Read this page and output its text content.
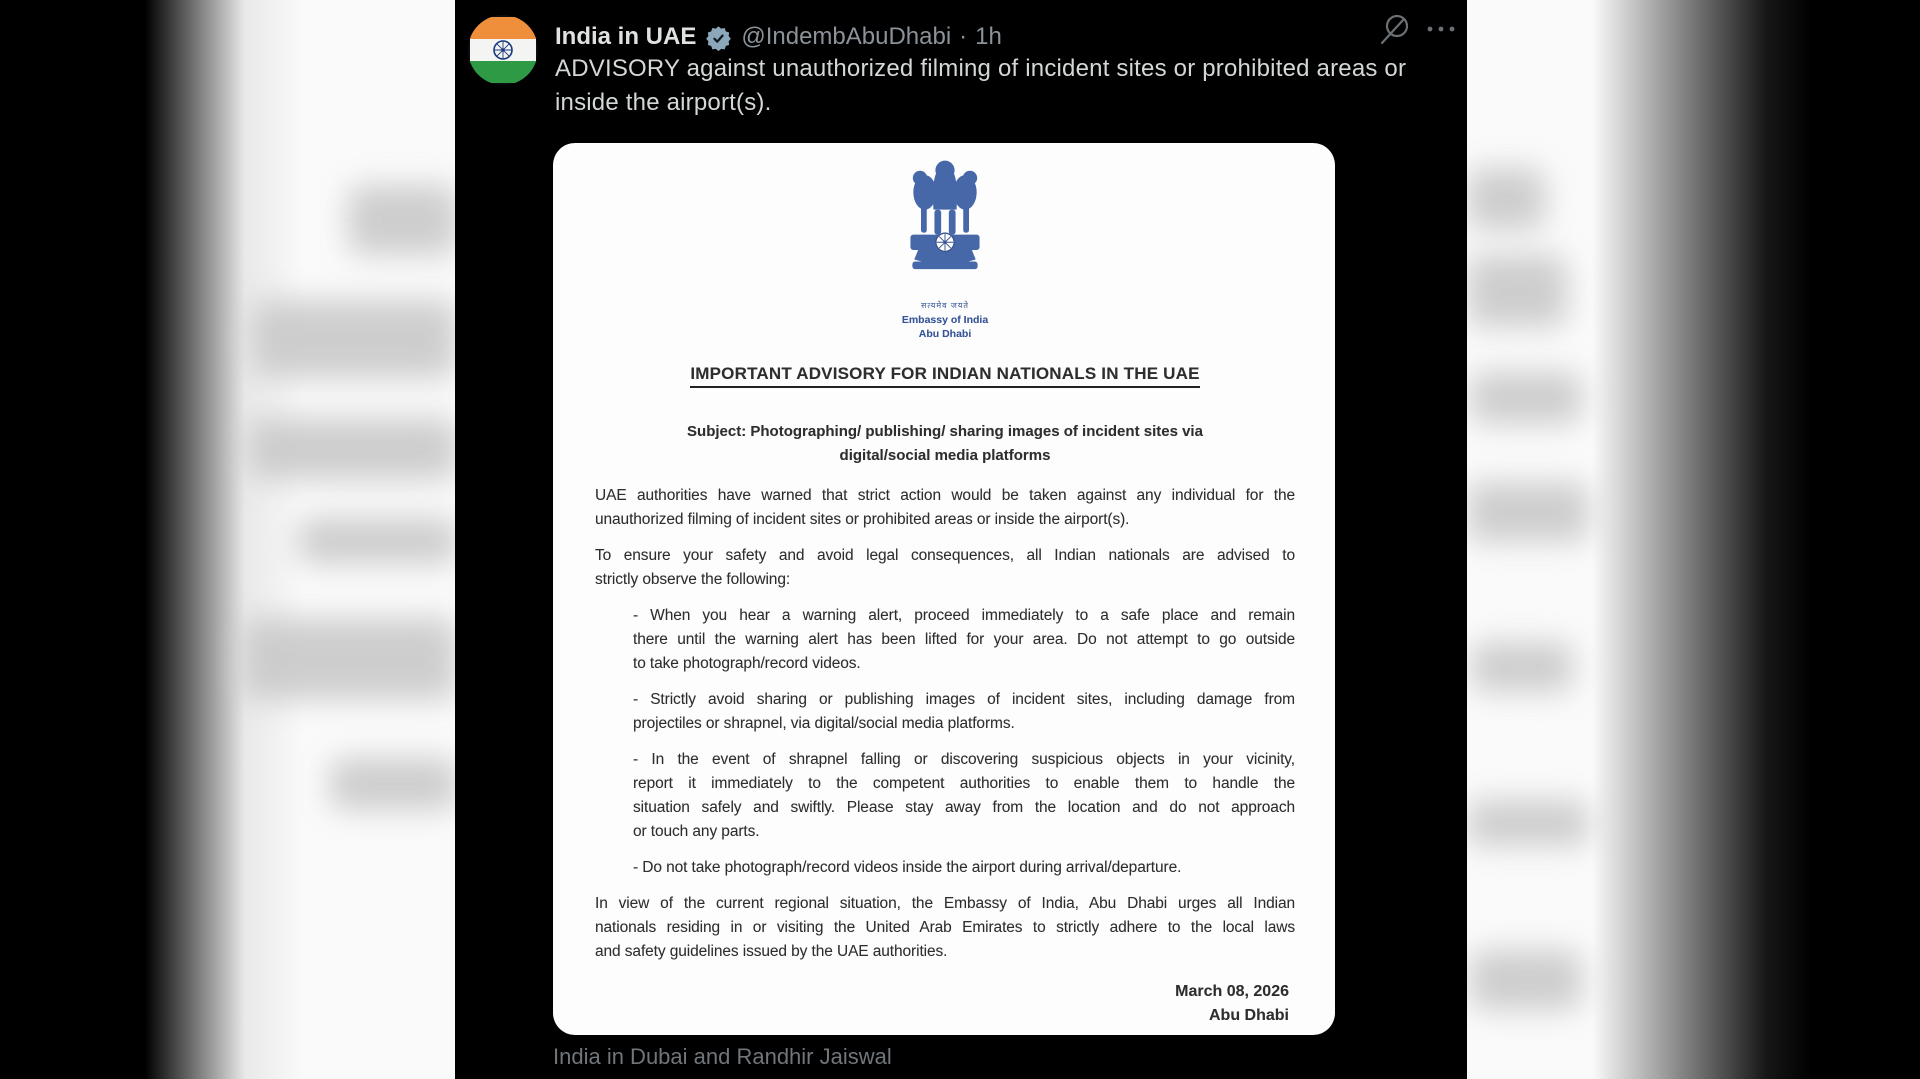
India in UAE @IndembAbuDhabi · 1h
ADVISORY against unauthorized filming of incident sites or prohibited areas or inside the airport(s).
सत्यमेव जयते
Embassy of India
Abu Dhabi
IMPORTANT ADVISORY FOR INDIAN NATIONALS IN THE UAE
Subject: Photographing/ publishing/ sharing images of incident sites via
digital/social media platforms
UAE authorities have warned that strict action would be taken against any individual for the
unauthorized filming of incident sites or prohibited areas or inside the airport(s).
To ensure your safety and avoid legal consequences, all Indian nationals are advised to
strictly observe the following:
- When you hear a warning alert, proceed immediately to a safe place and remain
there until the warning alert has been lifted for your area. Do not attempt to go outside
to take photograph/record videos.
- Strictly avoid sharing or publishing images of incident sites, including damage from
projectiles or shrapnel, via digital/social media platforms.
- In the event of shrapnel falling or discovering suspicious objects in your vicinity,
report it immediately to the competent authorities to enable them to handle the
situation safely and swiftly. Please stay away from the location and do not approach
or touch any parts.
- Do not take photograph/record videos inside the airport during arrival/departure.
In view of the current regional situation, the Embassy of India, Abu Dhabi urges all Indian
nationals residing in or visiting the United Arab Emirates to strictly adhere to the local laws
and safety guidelines issued by the UAE authorities.
March 08, 2026
Abu Dhabi
India in Dubai and Randhir Jaiswal
